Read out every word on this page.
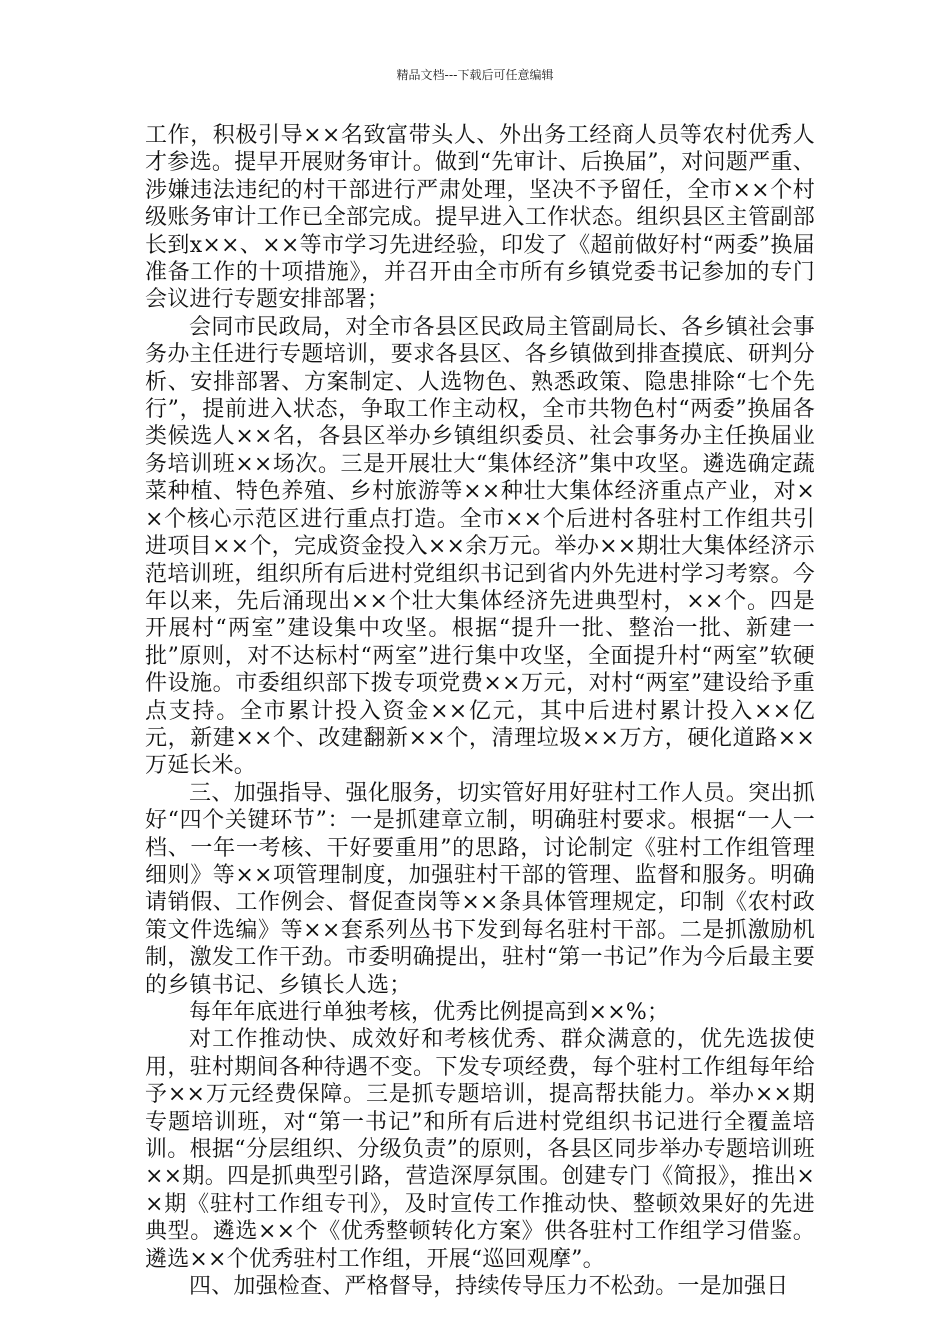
精品文档---下载后可任意编辑

工作，积极引导××名致富带头人、外出务工经商人员等农村优秀人才参选。提早开展财务审计。做到“先审计、后换届”，对问题严重、涉嫌违法违纪的村干部进行严肃处理，坚决不予留任，全市××个村级账务审计工作已全部完成。提早进入工作状态。组织县区主管副部长到x××、××等市学习先进经验，印发了《超前做好村“两委”换届准备工作的十项措施》，并召开由全市所有乡镇党委书记参加的专门会议进行专题安排部署；

会同市民政局，对全市各县区民政局主管副局长、各乡镇社会事务办主任进行专题培训，要求各县区、各乡镇做到排查摸底、研判分析、安排部署、方案制定、人选物色、熟悉政策、隐患排除“七个先行”，提前进入状态，争取工作主动权，全市共物色村“两委”换届各类候选人××名，各县区举办乡镇组织委员、社会事务办主任换届业务培训班××场次。三是开展壮大“集体经济”集中攻坚。遴选确定蔬菜种植、特色养殖、乡村旅游等××种壮大集体经济重点产业，对××个核心示范区进行重点打造。全市××个后进村各驻村工作组共引进项目××个，完成资金投入××余万元。举办××期壮大集体经济示范培训班，组织所有后进村党组织书记到省内外先进村学习考察。今年以来，先后涌现出××个壮大集体经济先进典型村，××个。四是开展村“两室”建设集中攻坚。根据“提升一批、整治一批、新建一批”原则，对不达标村“两室”进行集中攻坚，全面提升村“两室”软硬件设施。市委组织部下拨专项党费××万元，对村“两室”建设给予重点支持。全市累计投入资金××亿元，其中后进村累计投入××亿元，新建××个、改建翻新××个，清理垃圾××万方，硬化道路××万延长米。

三、加强指导、强化服务，切实管好用好驻村工作人员。突出抓好“四个关键环节”：一是抓建章立制，明确驻村要求。根据“一人一档、一年一考核、干好要重用”的思路，讨论制定《驻村工作组管理细则》等××项管理制度，加强驻村干部的管理、监督和服务。明确请销假、工作例会、督促查岗等××条具体管理规定，印制《农村政策文件选编》等××套系列丛书下发到每名驻村干部。二是抓激励机制，激发工作干劲。市委明确提出，驻村“第一书记”作为今后最主要的乡镇书记、乡镇长人选；

每年年底进行单独考核，优秀比例提高到××%；

对工作推动快、成效好和考核优秀、群众满意的，优先选拔使用，驻村期间各种待遇不变。下发专项经费，每个驻村工作组每年给予××万元经费保障。三是抓专题培训，提高帮扶能力。举办××期专题培训班，对“第一书记”和所有后进村党组织书记进行全覆盖培训。根据“分层组织、分级负责”的原则，各县区同步举办专题培训班××期。四是抓典型引路，营造深厚氛围。创建专门《简报》，推出××期《驻村工作组专刊》，及时宣传工作推动快、整顿效果好的先进典型。遴选××个《优秀整顿转化方案》供各驻村工作组学习借鉴。遴选××个优秀驻村工作组，开展“巡回观摩”。

四、加强检查、严格督导，持续传导压力不松劲。一是加强日
